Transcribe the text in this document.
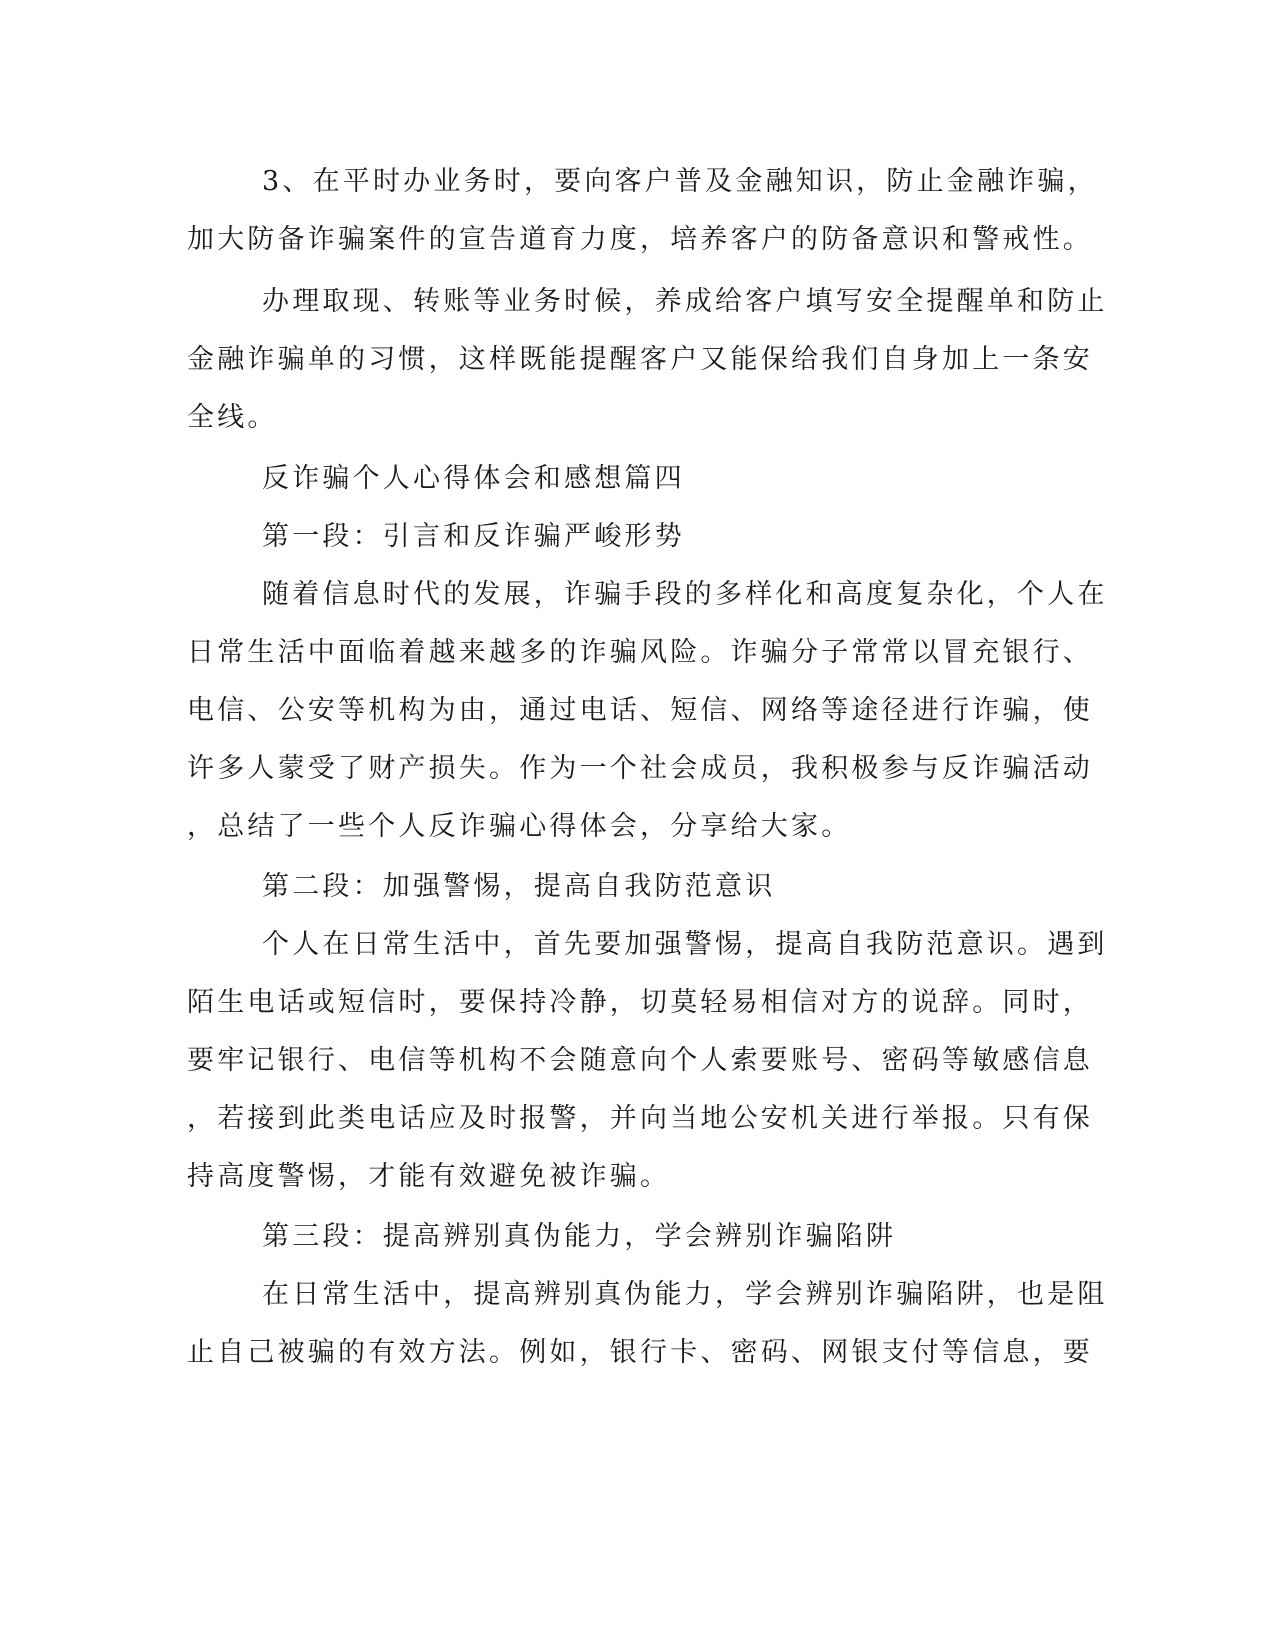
3、在平时办业务时，要向客户普及金融知识，防止金融诈骗，
加大防备诈骗案件的宣告道育力度，培养客户的防备意识和警戒性。
办理取现、转账等业务时候，养成给客户填写安全提醒单和防止
金融诈骗单的习惯，这样既能提醒客户又能保给我们自身加上一条安
全线。
反诈骗个人心得体会和感想篇四
第一段：引言和反诈骗严峻形势
随着信息时代的发展，诈骗手段的多样化和高度复杂化，个人在
日常生活中面临着越来越多的诈骗风险。诈骗分子常常以冒充银行、
电信、公安等机构为由，通过电话、短信、网络等途径进行诈骗，使
许多人蒙受了财产损失。作为一个社会成员，我积极参与反诈骗活动
，总结了一些个人反诈骗心得体会，分享给大家。
第二段：加强警惕，提高自我防范意识
个人在日常生活中，首先要加强警惕，提高自我防范意识。遇到
陌生电话或短信时，要保持冷静，切莫轻易相信对方的说辞。同时，
要牢记银行、电信等机构不会随意向个人索要账号、密码等敏感信息
，若接到此类电话应及时报警，并向当地公安机关进行举报。只有保
持高度警惕，才能有效避免被诈骗。
第三段：提高辨别真伪能力，学会辨别诈骗陷阱
在日常生活中，提高辨别真伪能力，学会辨别诈骗陷阱，也是阻
止自己被骗的有效方法。例如，银行卡、密码、网银支付等信息，要
